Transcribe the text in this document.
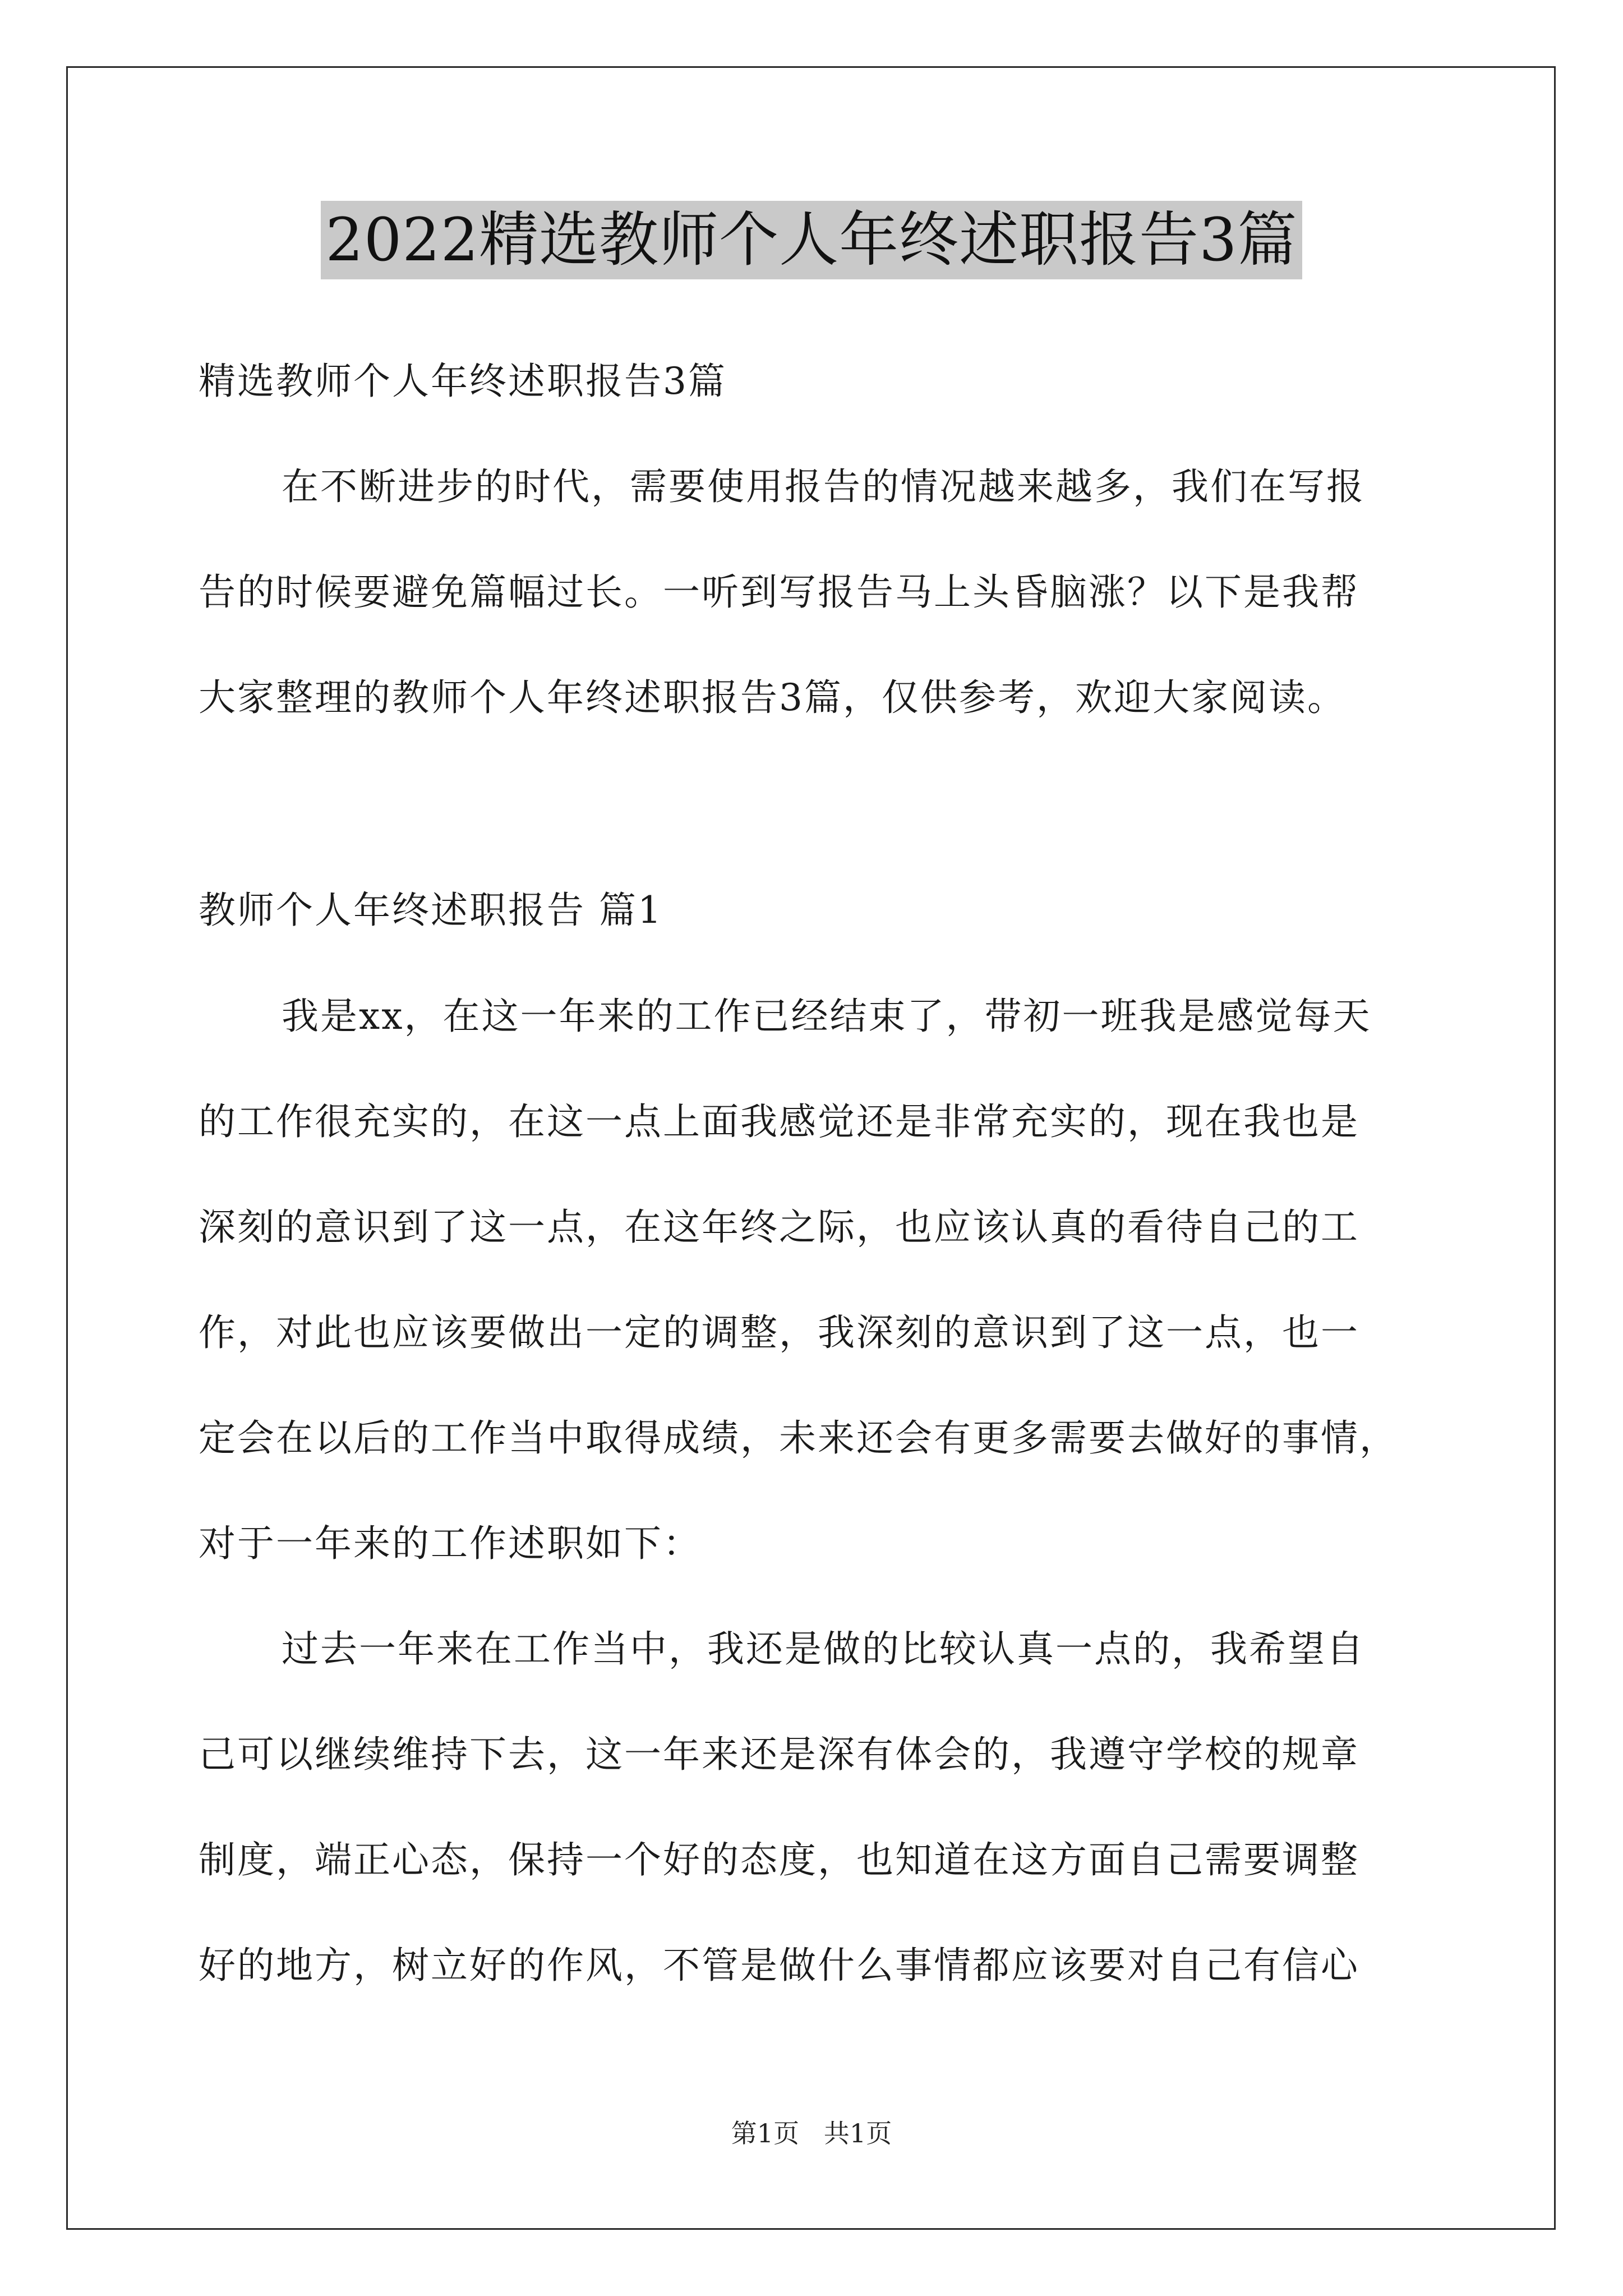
2022精选教师个人年终述职报告3篇
精选教师个人年终述职报告3篇
在不断进步的时代，需要使用报告的情况越来越多，我们在写报
告的时候要避免篇幅过长。一听到写报告马上头昏脑涨？以下是我帮
大家整理的教师个人年终述职报告3篇，仅供参考，欢迎大家阅读。
教师个人年终述职报告 篇1
我是xx，在这一年来的工作已经结束了，带初一班我是感觉每天
的工作很充实的，在这一点上面我感觉还是非常充实的，现在我也是
深刻的意识到了这一点，在这年终之际，也应该认真的看待自己的工
作，对此也应该要做出一定的调整，我深刻的意识到了这一点，也一
定会在以后的工作当中取得成绩，未来还会有更多需要去做好的事情，
对于一年来的工作述职如下：
过去一年来在工作当中，我还是做的比较认真一点的，我希望自
己可以继续维持下去，这一年来还是深有体会的，我遵守学校的规章
制度，端正心态，保持一个好的态度，也知道在这方面自己需要调整
好的地方，树立好的作风，不管是做什么事情都应该要对自己有信心
第1页   共1页
